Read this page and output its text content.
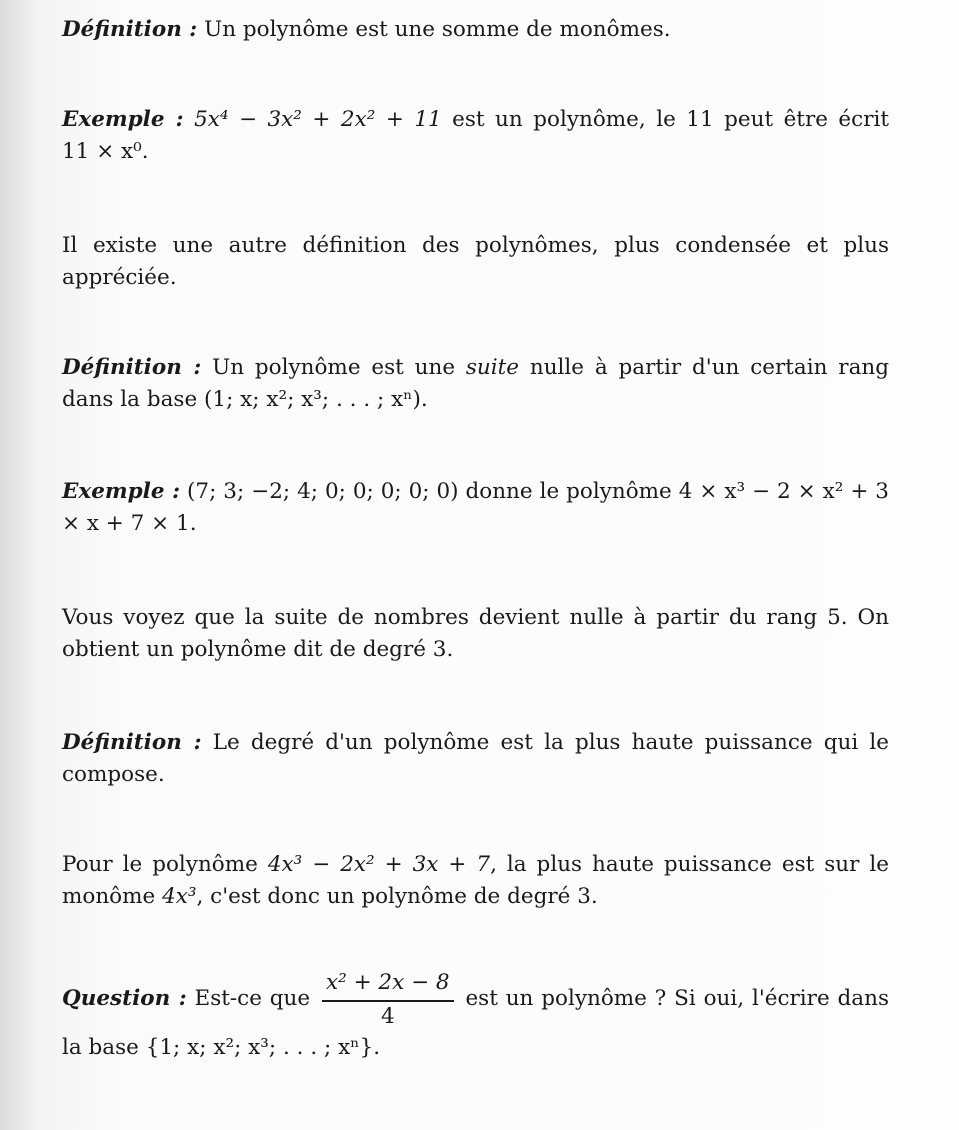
Définition : Un polynôme est une somme de monômes.

Exemple : 5x⁴ − 3x² + 2x² + 11 est un polynôme, le 11 peut être écrit 11 × x⁰.

Il existe une autre définition des polynômes, plus condensée et plus appréciée.

Définition : Un polynôme est une suite nulle à partir d'un certain rang dans la base (1; x; x²; x³; . . . ; xⁿ).

Exemple : (7; 3; −2; 4; 0; 0; 0; 0; 0) donne le polynôme 4 × x³ − 2 × x² + 3 × x + 7 × 1.

Vous voyez que la suite de nombres devient nulle à partir du rang 5. On obtient un polynôme dit de degré 3.

Définition : Le degré d'un polynôme est la plus haute puissance qui le compose.

Pour le polynôme 4x³ − 2x² + 3x + 7, la plus haute puissance est sur le monôme 4x³, c'est donc un polynôme de degré 3.

Question : Est-ce que $\frac{\text{x² + 2x − 8}}{4}$ est un polynôme ? Si oui, l'écrire dans la base {1; x; x²; x³; . . . ; xⁿ}.
